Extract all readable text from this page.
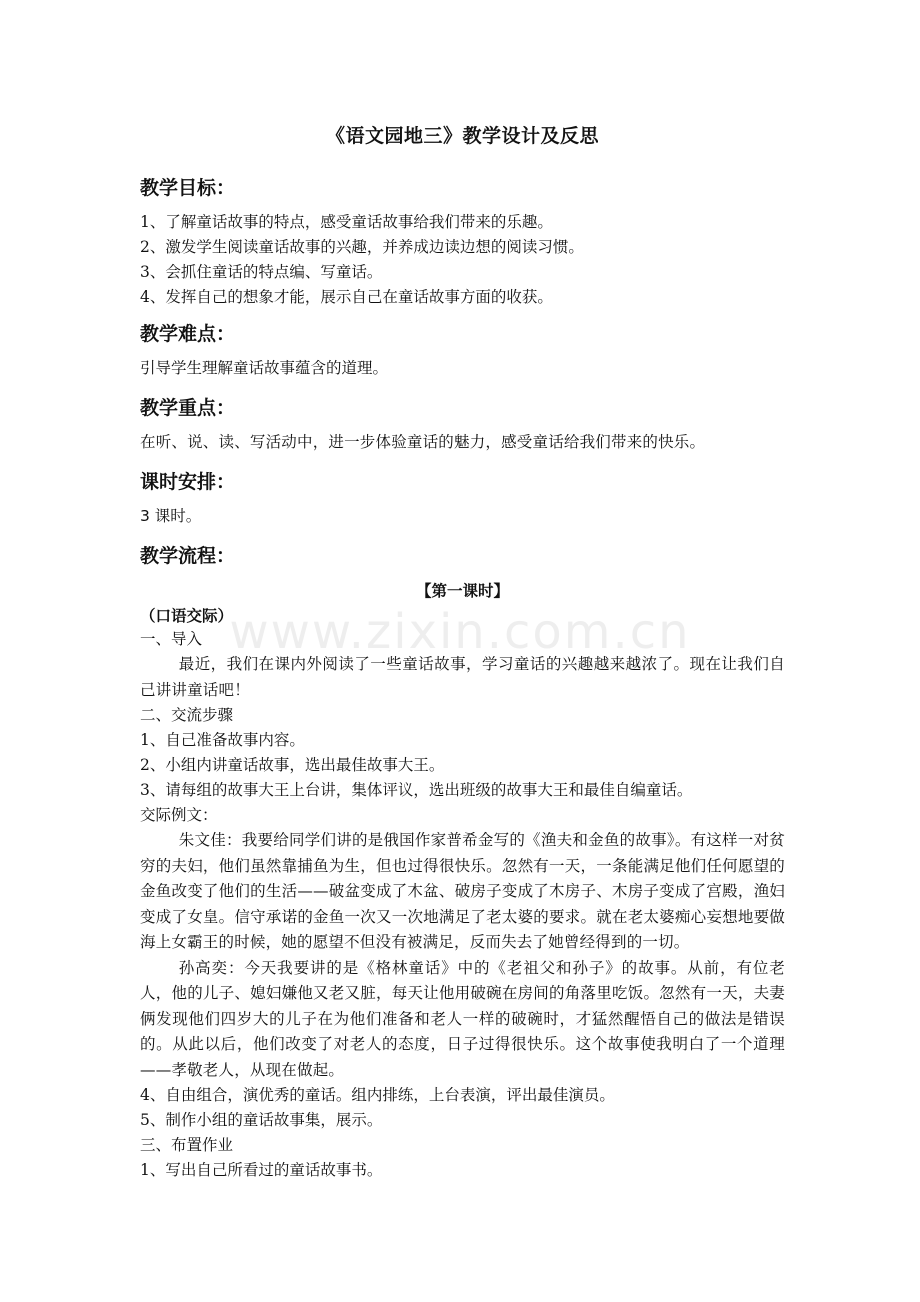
www.zixin.com.cn
《语文园地三》教学设计及反思
教学目标：

1、了解童话故事的特点，感受童话故事给我们带来的乐趣。

2、激发学生阅读童话故事的兴趣，并养成边读边想的阅读习惯。

3、会抓住童话的特点编、写童话。

4、发挥自己的想象才能，展示自己在童话故事方面的收获。

教学难点：

引导学生理解童话故事蕴含的道理。

教学重点：

在听、说、读、写活动中，进一步体验童话的魅力，感受童话给我们带来的快乐。

课时安排：

3 课时。

教学流程：
【第一课时】

（口语交际）

一、导入

最近，我们在课内外阅读了一些童话故事，学习童话的兴趣越来越浓了。现在让我们自己讲讲童话吧！

二、交流步骤

1、自己准备故事内容。

2、小组内讲童话故事，选出最佳故事大王。

3、请每组的故事大王上台讲，集体评议，选出班级的故事大王和最佳自编童话。

交际例文：

朱文佳：我要给同学们讲的是俄国作家普希金写的《渔夫和金鱼的故事》。有这样一对贫穷的夫妇，他们虽然靠捕鱼为生，但也过得很快乐。忽然有一天，一条能满足他们任何愿望的金鱼改变了他们的生活——破盆变成了木盆、破房子变成了木房子、木房子变成了宫殿，渔妇变成了女皇。信守承诺的金鱼一次又一次地满足了老太婆的要求。就在老太婆痴心妄想地要做海上女霸王的时候，她的愿望不但没有被满足，反而失去了她曾经得到的一切。

孙高奕：今天我要讲的是《格林童话》中的《老祖父和孙子》的故事。从前，有位老人，他的儿子、媳妇嫌他又老又脏，每天让他用破碗在房间的角落里吃饭。忽然有一天，夫妻俩发现他们四岁大的儿子在为他们准备和老人一样的破碗时，才猛然醒悟自己的做法是错误的。从此以后，他们改变了对老人的态度，日子过得很快乐。这个故事使我明白了一个道理——孝敬老人，从现在做起。

4、自由组合，演优秀的童话。组内排练，上台表演，评出最佳演员。

5、制作小组的童话故事集，展示。

三、布置作业

1、写出自己所看过的童话故事书。
